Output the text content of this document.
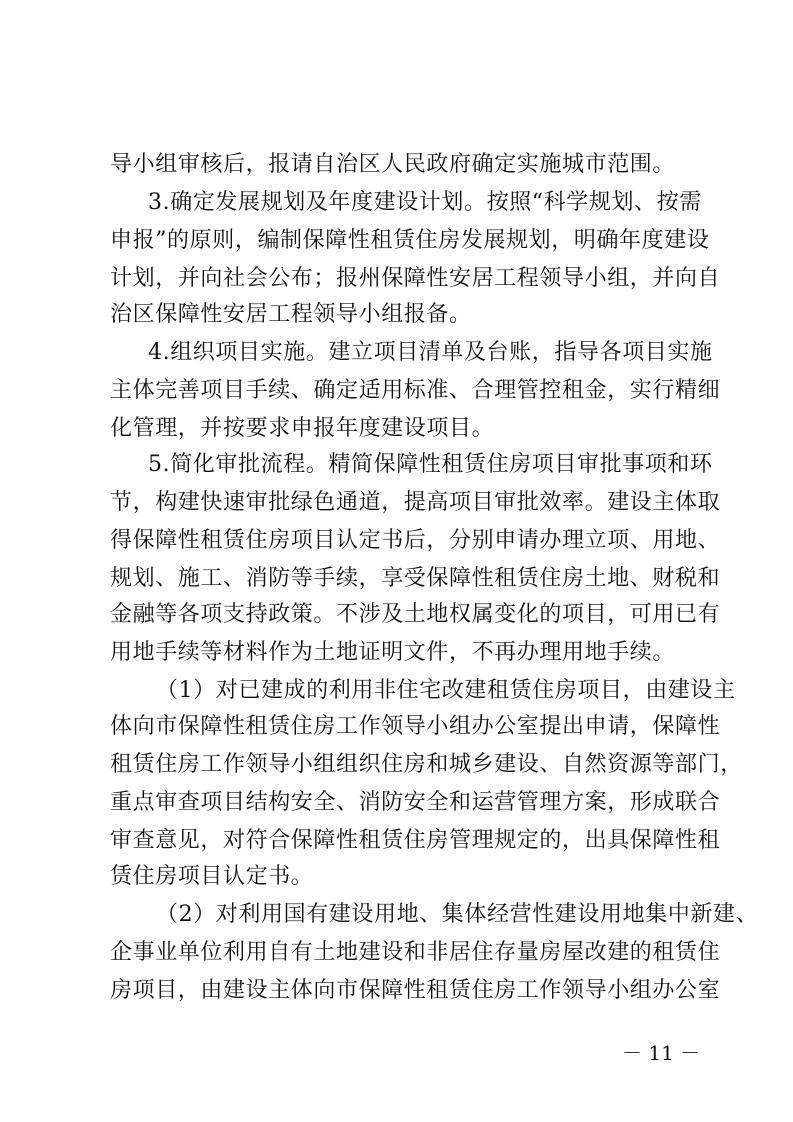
导小组审核后，报请自治区人民政府确定实施城市范围。
3.确定发展规划及年度建设计划。按照“科学规划、按需
申报”的原则，编制保障性租赁住房发展规划，明确年度建设
计划，并向社会公布；报州保障性安居工程领导小组，并向自
治区保障性安居工程领导小组报备。
4.组织项目实施。建立项目清单及台账，指导各项目实施
主体完善项目手续、确定适用标准、合理管控租金，实行精细
化管理，并按要求申报年度建设项目。
5.简化审批流程。精简保障性租赁住房项目审批事项和环
节，构建快速审批绿色通道，提高项目审批效率。建设主体取
得保障性租赁住房项目认定书后，分别申请办理立项、用地、
规划、施工、消防等手续，享受保障性租赁住房土地、财税和
金融等各项支持政策。不涉及土地权属变化的项目，可用已有
用地手续等材料作为土地证明文件，不再办理用地手续。
（1）对已建成的利用非住宅改建租赁住房项目，由建设主
体向市保障性租赁住房工作领导小组办公室提出申请，保障性
租赁住房工作领导小组组织住房和城乡建设、自然资源等部门，
重点审查项目结构安全、消防安全和运营管理方案，形成联合
审查意见，对符合保障性租赁住房管理规定的，出具保障性租
赁住房项目认定书。
（2）对利用国有建设用地、集体经营性建设用地集中新建、
企事业单位利用自有土地建设和非居住存量房屋改建的租赁住
房项目，由建设主体向市保障性租赁住房工作领导小组办公室
－ 11 －
